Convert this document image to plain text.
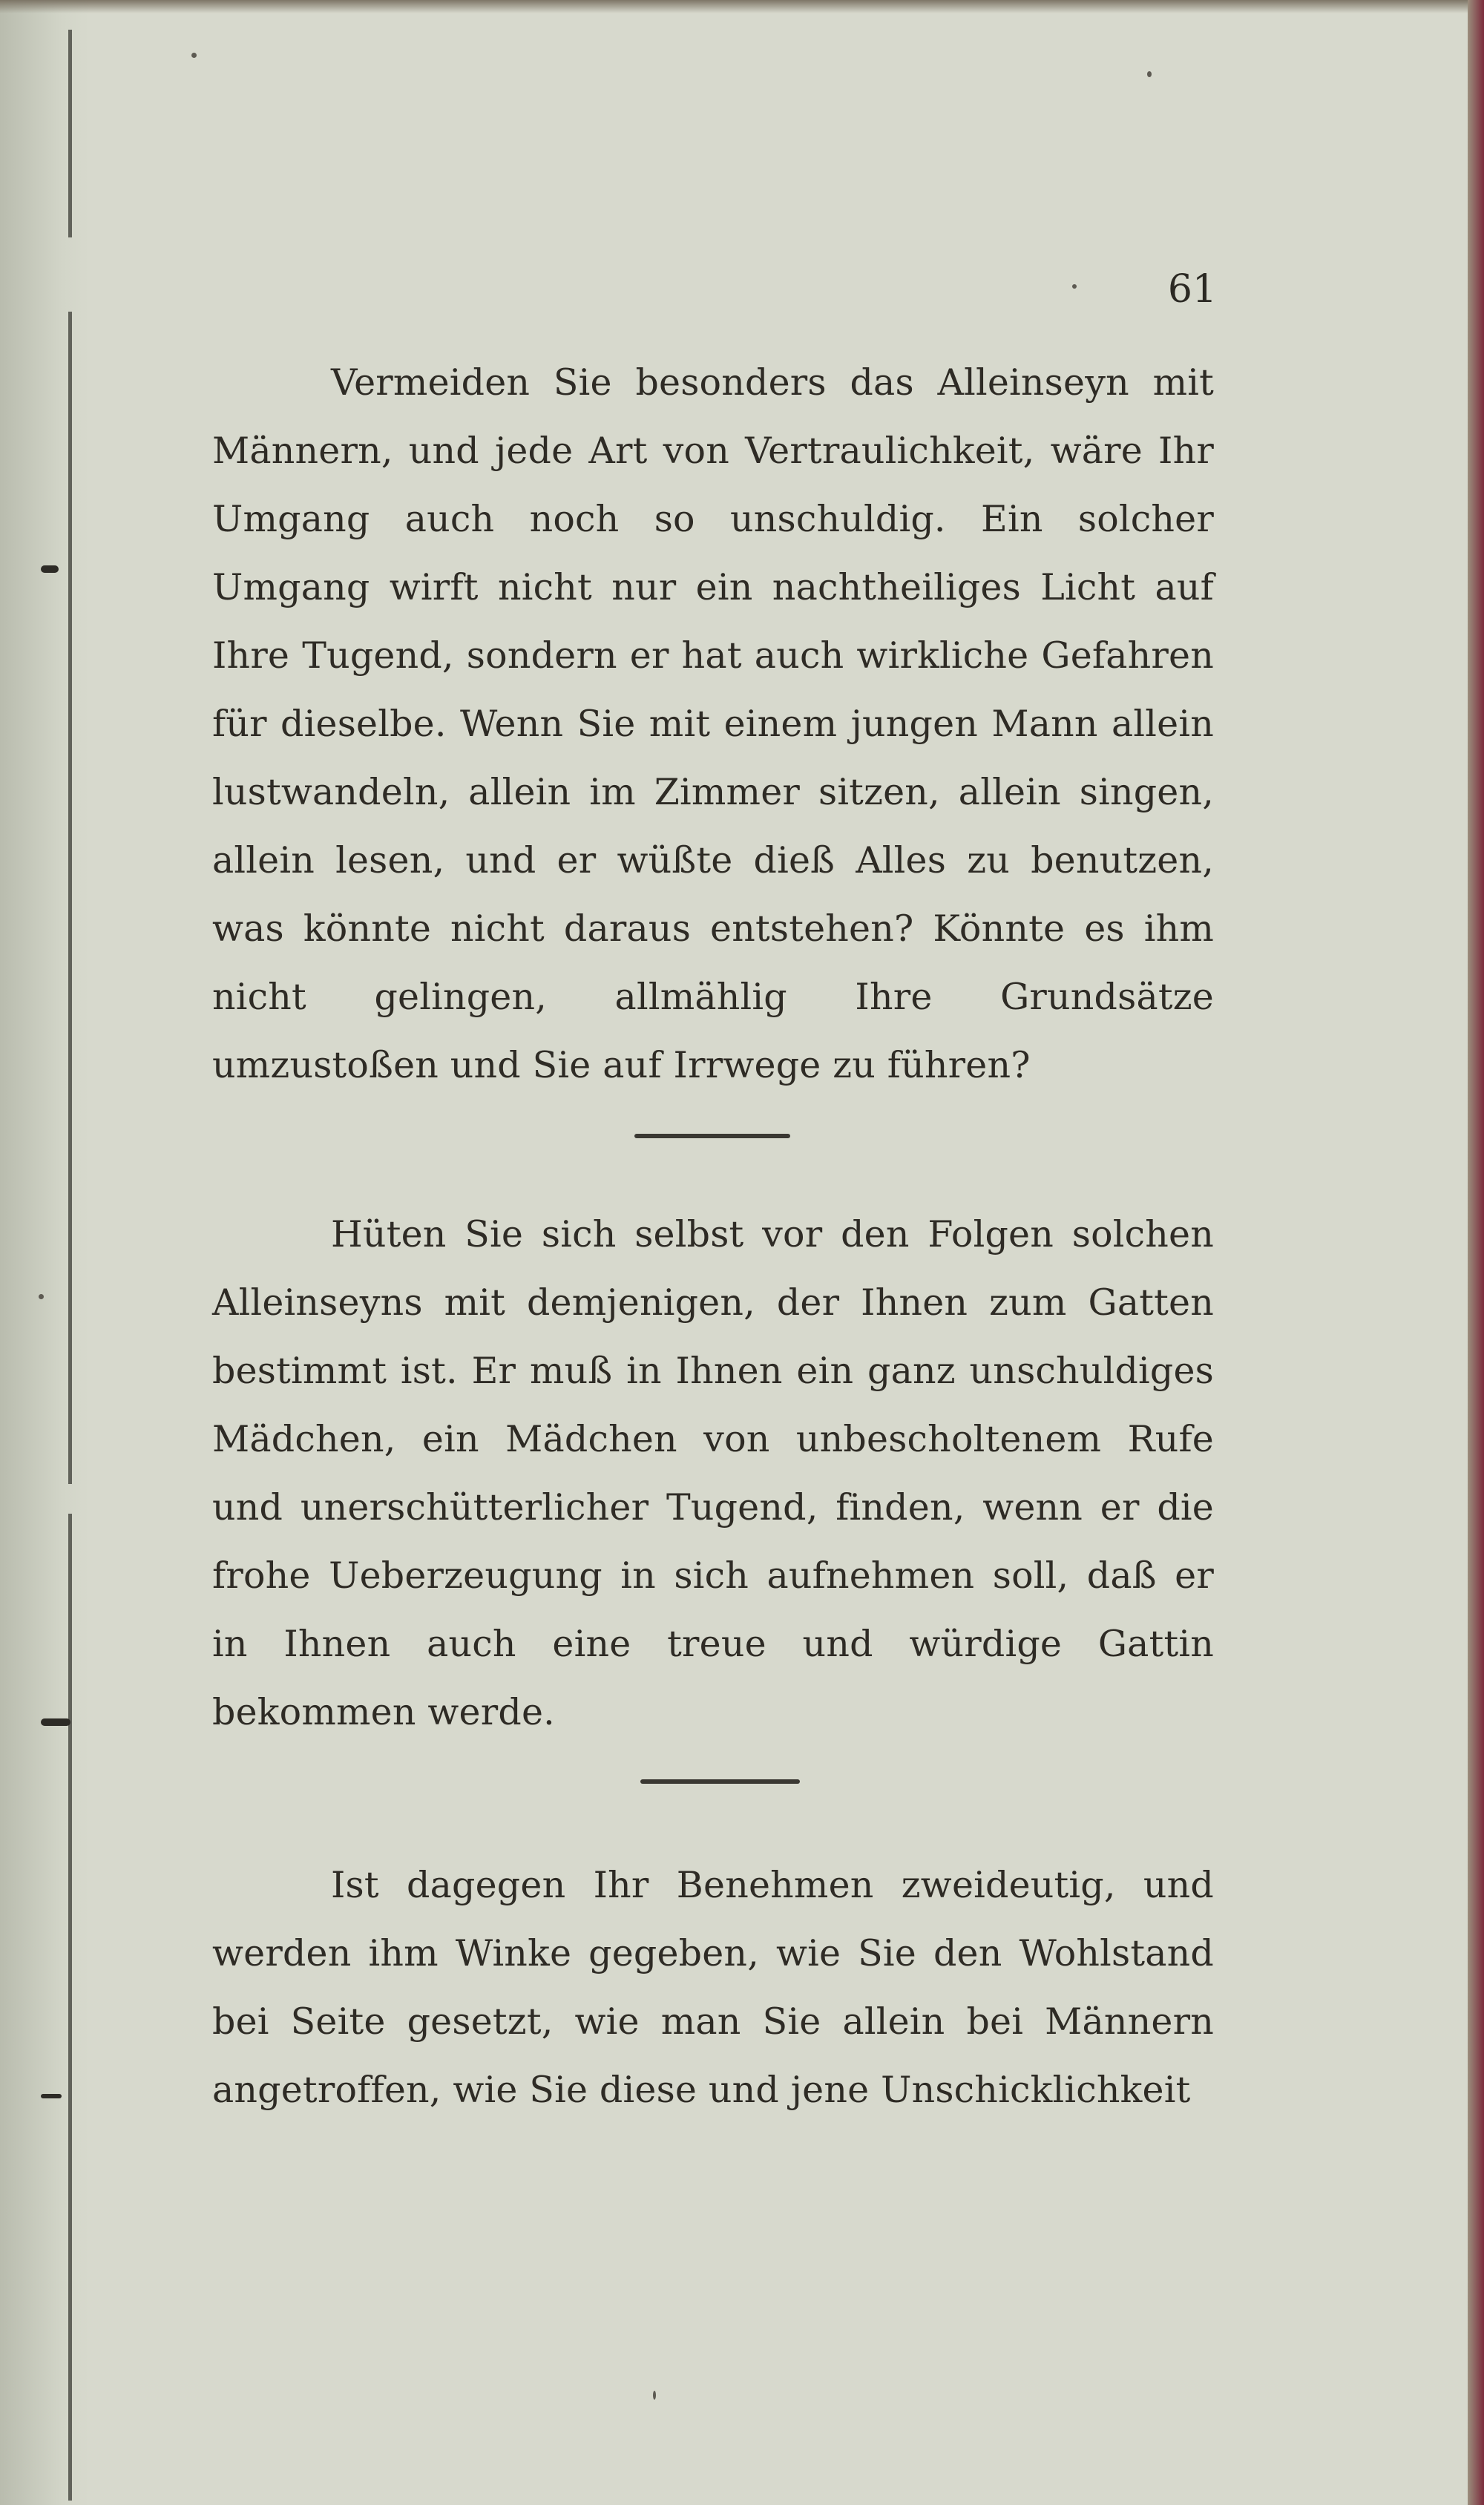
61

Vermeiden Sie besonders das Alleinseyn mit Männern, und jede Art von Vertraulichkeit, wäre Ihr Umgang auch noch so unschuldig. Ein solcher Umgang wirft nicht nur ein nachtheiliges Licht auf Ihre Tugend, sondern er hat auch wirkliche Gefahren für dieselbe. Wenn Sie mit einem jungen Mann allein lustwandeln, allein im Zimmer sitzen, allein singen, allein lesen, und er wüßte dieß Alles zu benutzen, was könnte nicht daraus entstehen? Könnte es ihm nicht gelingen, allmählig Ihre Grundsätze umzustoßen und Sie auf Irrwege zu führen?

Hüten Sie sich selbst vor den Folgen solchen Alleinseyns mit demjenigen, der Ihnen zum Gatten bestimmt ist. Er muß in Ihnen ein ganz unschuldiges Mädchen, ein Mädchen von unbescholtenem Rufe und unerschütterlicher Tugend, finden, wenn er die frohe Ueberzeugung in sich aufnehmen soll, daß er in Ihnen auch eine treue und würdige Gattin bekommen werde.

Ist dagegen Ihr Benehmen zweideutig, und werden ihm Winke gegeben, wie Sie den Wohlstand bei Seite gesetzt, wie man Sie allein bei Männern angetroffen, wie Sie diese und jene Unschicklichkeit
